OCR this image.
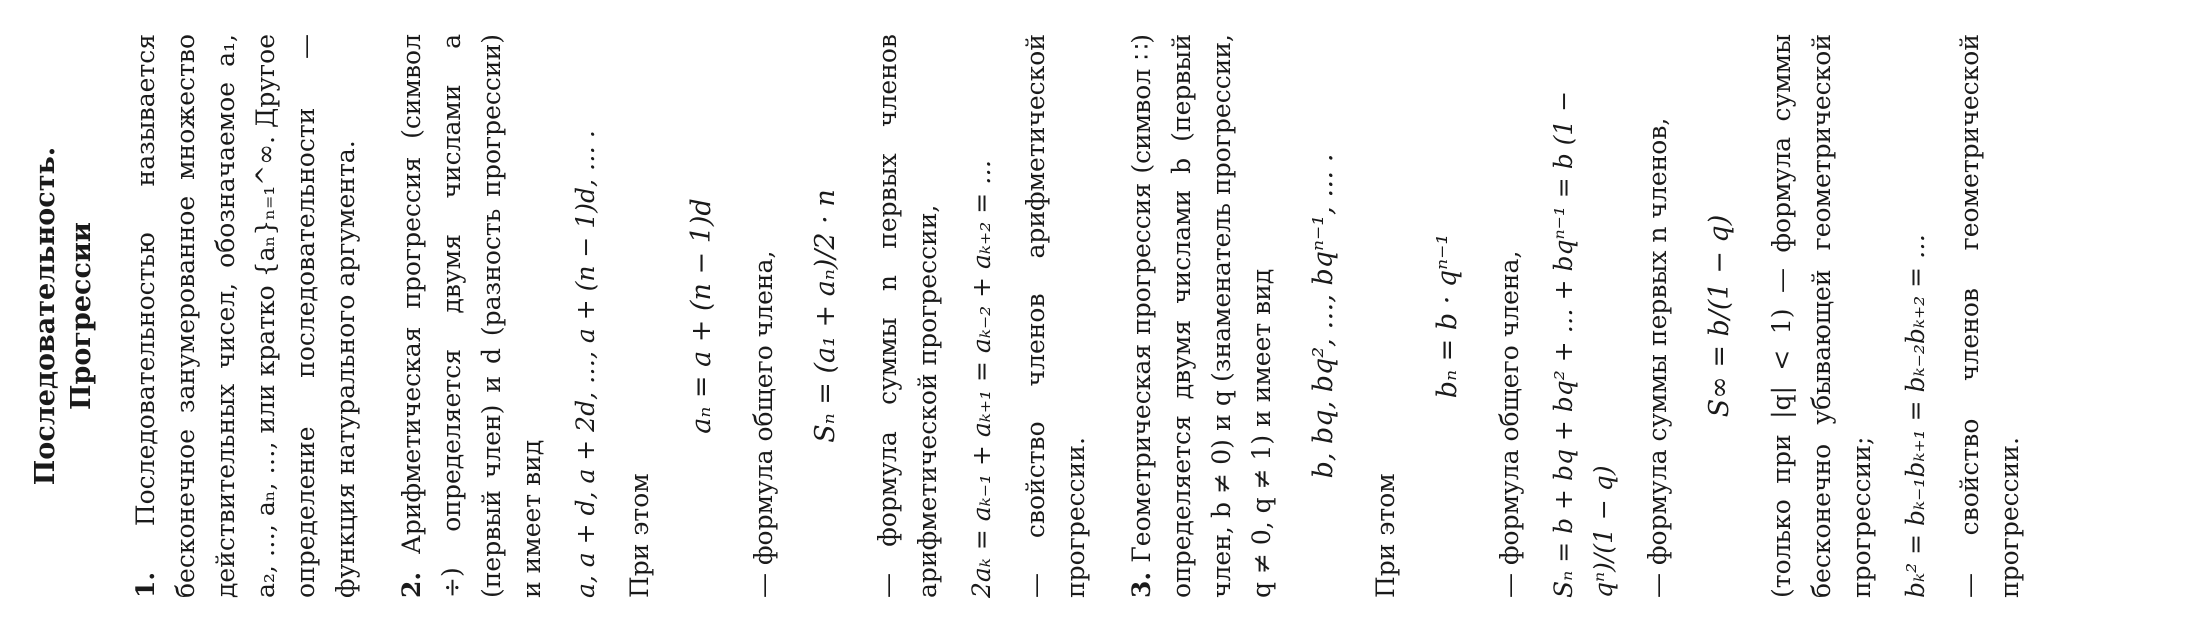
Последовательность. Прогрессии

1. Последовательностью называется бесконечное занумерованное множество действительных чисел, обозначаемое a₁, a₂, …, aₙ, …, или кратко {aₙ}ₙ₌₁^∞. Другое определение последовательности — функция натурального аргумента. 2. Арифметическая прогрессия (символ ÷) определяется двумя числами a (первый член) и d (разность прогрессии) и имеет вид a, a + d, a + 2d, …, a + (n − 1)d, … . При этом
aₙ = a + (n − 1)d — формула общего члена, Sₙ = (a₁ + aₙ)/2 · n — формула суммы n первых членов арифметической прогрессии, 2aₖ = aₖ₋₁ + aₖ₊₁ = aₖ₋₂ + aₖ₊₂ = … — свойство членов арифметической прогрессии. 3. Геометрическая прогрессия (символ ∷) определяется двумя числами b (первый член, b ≠ 0) и q (знаменатель прогрессии, q ≠ 0, q ≠ 1) и имеет вид b, bq, bq², …, bqⁿ⁻¹, … .
При этом
bₙ = b · qⁿ⁻¹ — формула общего члена, Sₙ = b + bq + bq² + … + bqⁿ⁻¹ = b (1 − qⁿ)/(1 − q) — формула суммы первых n членов, S∞ = b/(1 − q) (только при |q| < 1) — формула суммы бесконечно убывающей геометрической прогрессии; bₖ² = bₖ₋₁bₖ₊₁ = bₖ₋₂bₖ₊₂ = … — свойство членов геометрической прогрессии.
